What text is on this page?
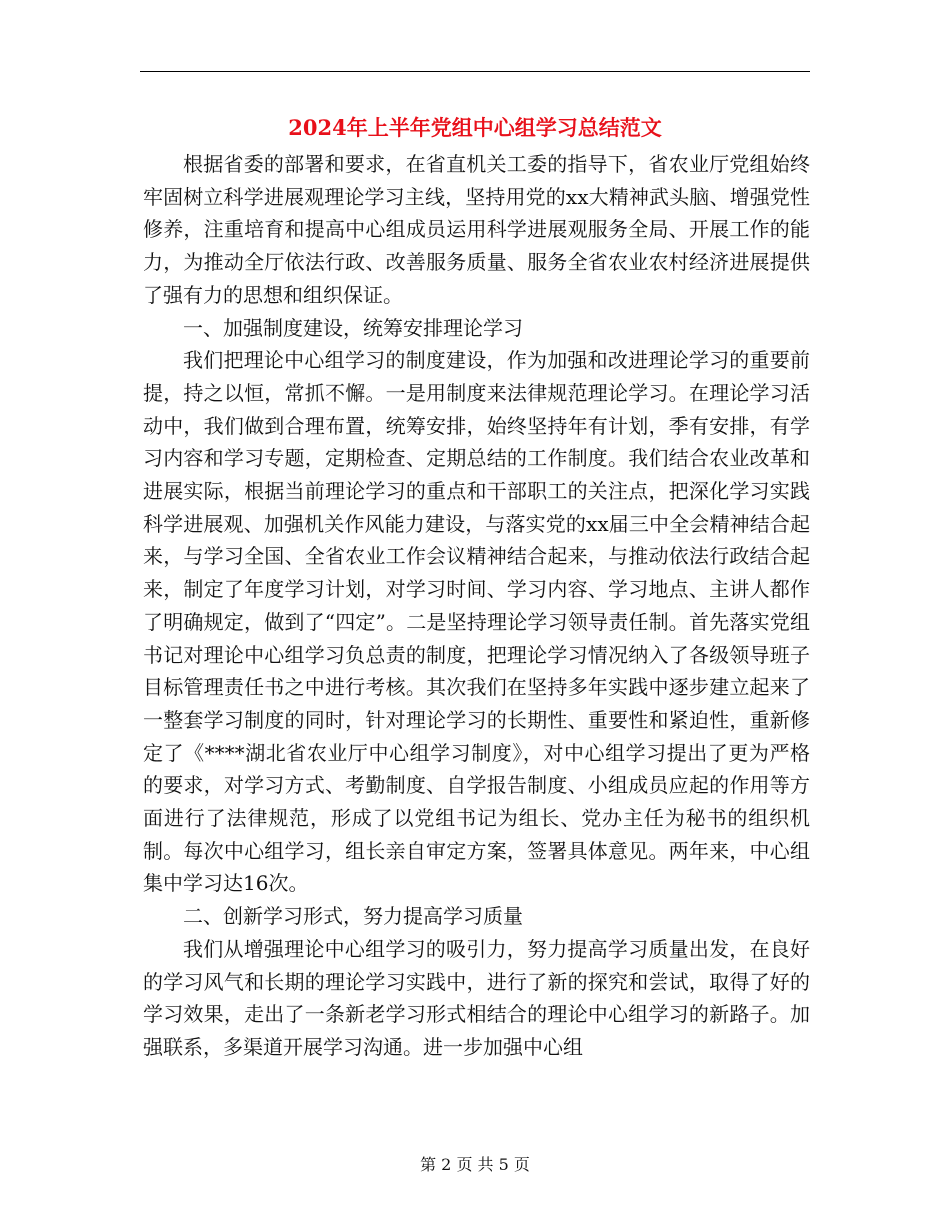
2024年上半年党组中心组学习总结范文

根据省委的部署和要求，在省直机关工委的指导下，省农业厅党组始终牢固树立科学进展观理论学习主线，坚持用党的xx大精神武头脑、增强党性修养，注重培育和提高中心组成员运用科学进展观服务全局、开展工作的能力，为推动全厅依法行政、改善服务质量、服务全省农业农村经济进展提供了强有力的思想和组织保证。

一、加强制度建设，统筹安排理论学习

我们把理论中心组学习的制度建设，作为加强和改进理论学习的重要前提，持之以恒，常抓不懈。一是用制度来法律规范理论学习。在理论学习活动中，我们做到合理布置，统筹安排，始终坚持年有计划，季有安排，有学习内容和学习专题，定期检查、定期总结的工作制度。我们结合农业改革和进展实际，根据当前理论学习的重点和干部职工的关注点，把深化学习实践科学进展观、加强机关作风能力建设，与落实党的xx届三中全会精神结合起来，与学习全国、全省农业工作会议精神结合起来，与推动依法行政结合起来，制定了年度学习计划，对学习时间、学习内容、学习地点、主讲人都作了明确规定，做到了“四定”。二是坚持理论学习领导责任制。首先落实党组书记对理论中心组学习负总责的制度，把理论学习情况纳入了各级领导班子目标管理责任书之中进行考核。其次我们在坚持多年实践中逐步建立起来了一整套学习制度的同时，针对理论学习的长期性、重要性和紧迫性，重新修定了《****湖北省农业厅中心组学习制度》，对中心组学习提出了更为严格的要求，对学习方式、考勤制度、自学报告制度、小组成员应起的作用等方面进行了法律规范，形成了以党组书记为组长、党办主任为秘书的组织机制。每次中心组学习，组长亲自审定方案，签署具体意见。两年来，中心组集中学习达16次。

二、创新学习形式，努力提高学习质量

我们从增强理论中心组学习的吸引力，努力提高学习质量出发，在良好的学习风气和长期的理论学习实践中，进行了新的探究和尝试，取得了好的学习效果，走出了一条新老学习形式相结合的理论中心组学习的新路子。加强联系，多渠道开展学习沟通。进一步加强中心组

第 2 页 共 5 页
